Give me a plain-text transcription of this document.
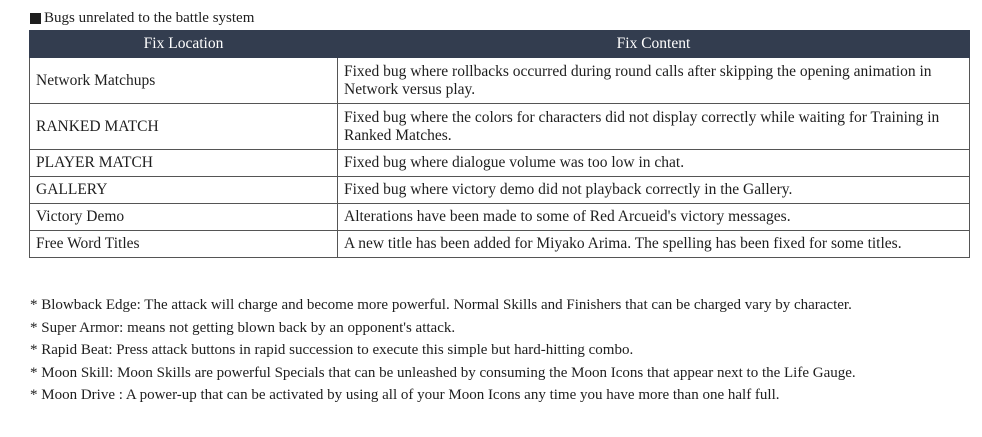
Bugs unrelated to the battle system
Fix Location	Fix Content
Network Matchups	Fixed bug where rollbacks occurred during round calls after skipping the opening animation in Network versus play.
RANKED MATCH	Fixed bug where the colors for characters did not display correctly while waiting for Training in Ranked Matches.
PLAYER MATCH	Fixed bug where dialogue volume was too low in chat.
GALLERY	Fixed bug where victory demo did not playback correctly in the Gallery.
Victory Demo	Alterations have been made to some of Red Arcueid's victory messages.
Free Word Titles	A new title has been added for Miyako Arima. The spelling has been fixed for some titles.
* Blowback Edge: The attack will charge and become more powerful. Normal Skills and Finishers that can be charged vary by character.
* Super Armor: means not getting blown back by an opponent's attack.
* Rapid Beat: Press attack buttons in rapid succession to execute this simple but hard-hitting combo.
* Moon Skill: Moon Skills are powerful Specials that can be unleashed by consuming the Moon Icons that appear next to the Life Gauge.
* Moon Drive : A power-up that can be activated by using all of your Moon Icons any time you have more than one half full.
